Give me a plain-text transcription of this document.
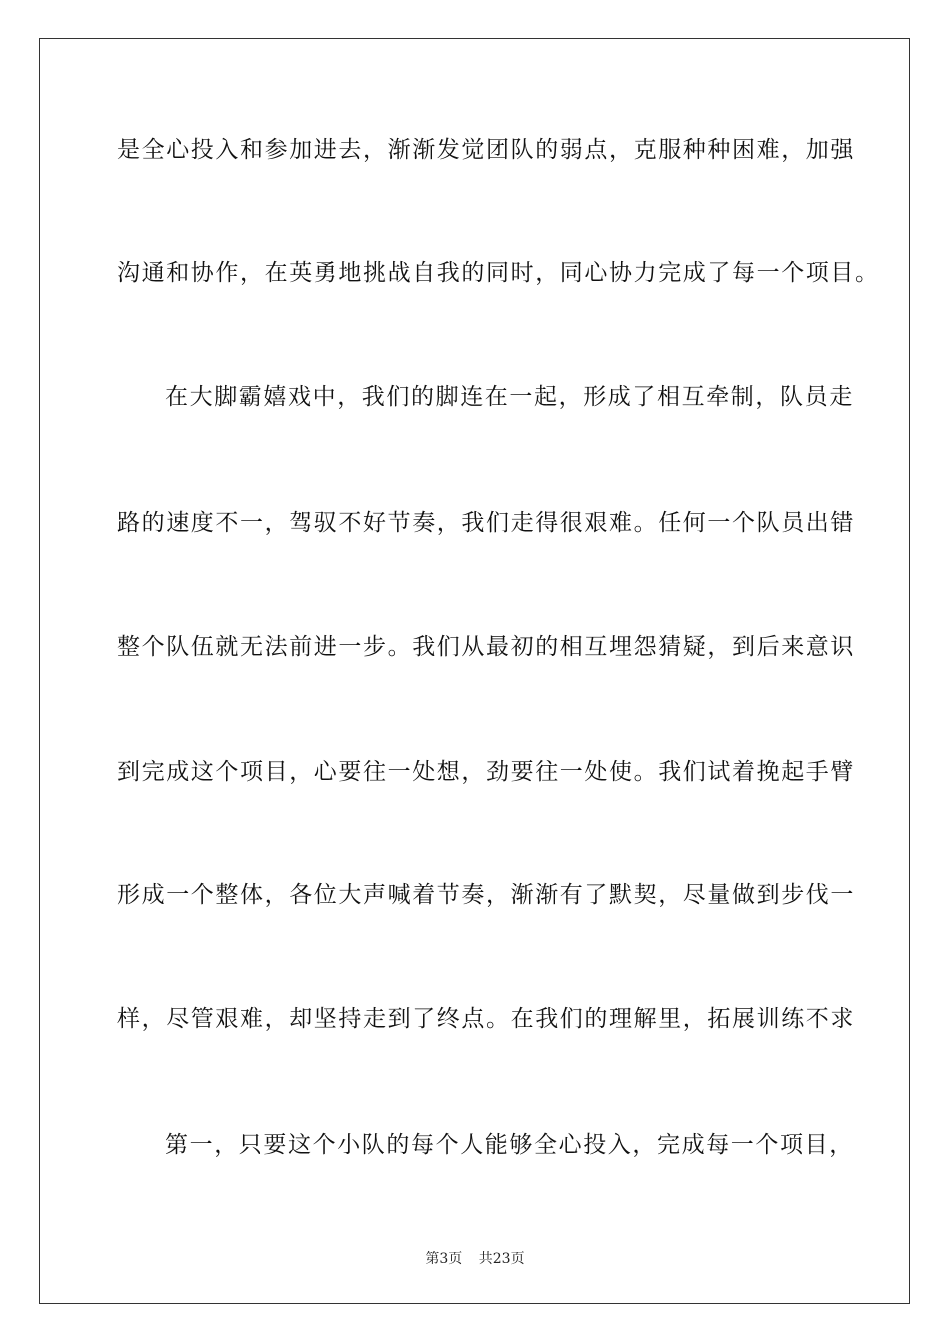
是全心投入和参加进去，渐渐发觉团队的弱点，克服种种困难，加强
沟通和协作，在英勇地挑战自我的同时，同心协力完成了每一个项目。
在大脚霸嬉戏中，我们的脚连在一起，形成了相互牵制，队员走
路的速度不一，驾驭不好节奏，我们走得很艰难。任何一个队员出错
整个队伍就无法前进一步。我们从最初的相互埋怨猜疑，到后来意识
到完成这个项目，心要往一处想，劲要往一处使。我们试着挽起手臂
形成一个整体，各位大声喊着节奏，渐渐有了默契，尽量做到步伐一
样，尽管艰难，却坚持走到了终点。在我们的理解里，拓展训练不求
第一，只要这个小队的每个人能够全心投入，完成每一个项目，
第3页 共23页
